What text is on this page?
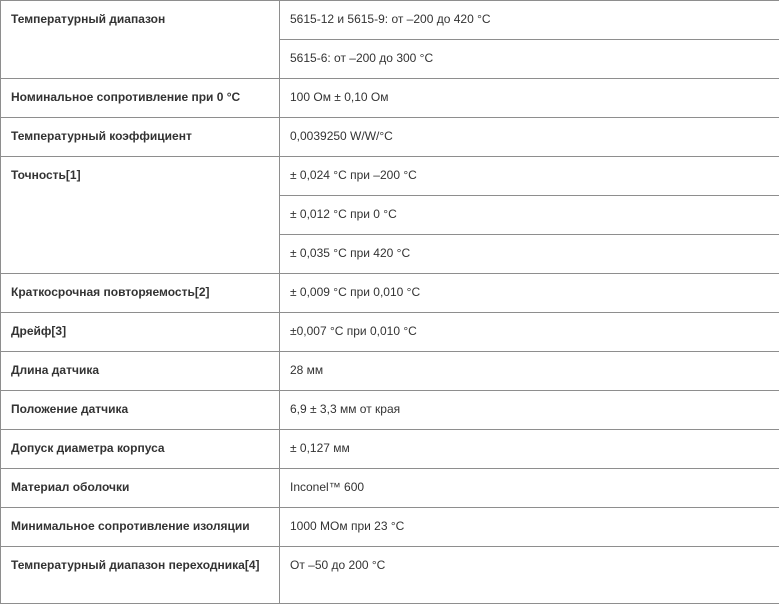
Температурный диапазон	5615-12 и 5615-9: от –200 до 420 °C
	5615-6: от –200 до 300 °C
Номинальное сопротивление при 0 °C	100 Ом ± 0,10 Ом
Температурный коэффициент	0,0039250 W/W/°C
Точность[1]	± 0,024 °C при –200 °C
	± 0,012 °C при 0 °C
	± 0,035 °C при 420 °C
Краткосрочная повторяемость[2]	± 0,009 °C при 0,010 °C
Дрейф[3]	±0,007 °C при 0,010 °C
Длина датчика	28 мм
Положение датчика	6,9 ± 3,3 мм от края
Допуск диаметра корпуса	± 0,127 мм
Материал оболочки	Inconel™ 600
Минимальное сопротивление изоляции	1000 МОм при 23 °C
Температурный диапазон переходника[4]	От –50 до 200 °C
